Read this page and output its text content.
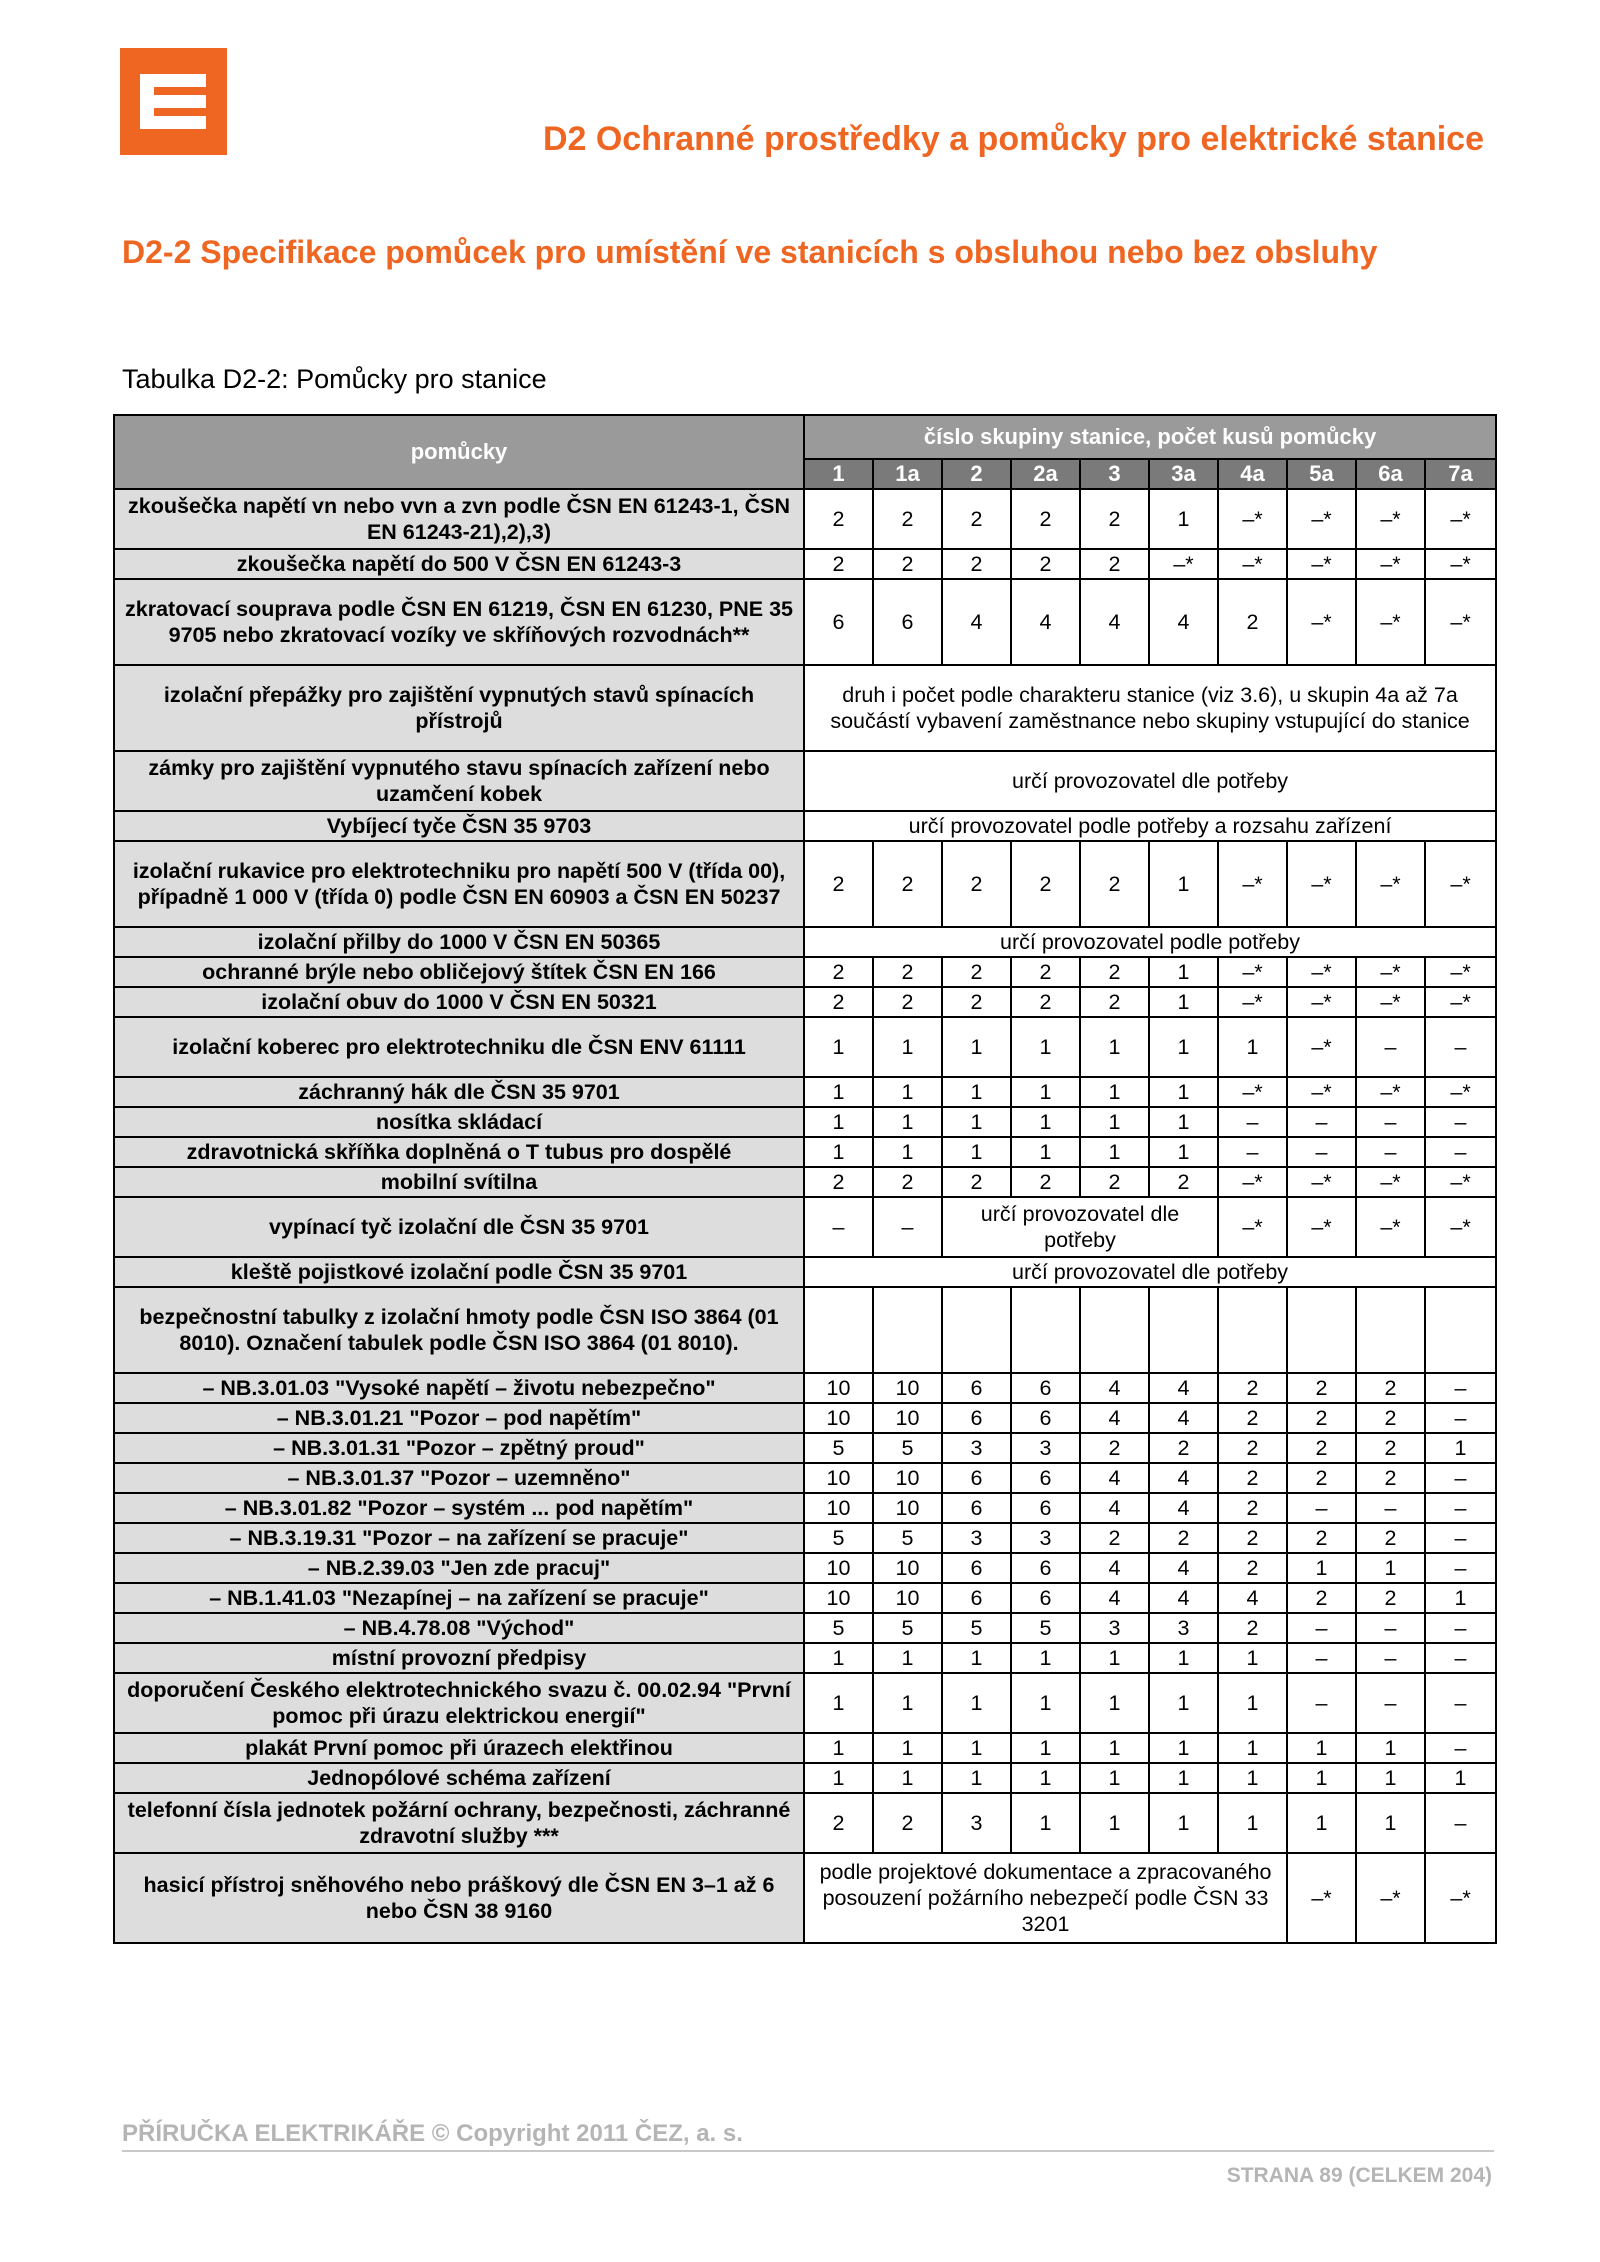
D2 Ochranné prostředky a pomůcky pro elektrické stanice
D2-2 Specifikace pomůcek pro umístění ve stanicích s obsluhou nebo bez obsluhy
Tabulka D2-2: Pomůcky pro stanice
pomůcky	číslo skupiny stanice, počet kusů pomůcky									
	1	1a	2	2a	3	3a	4a	5a	6a	7a
zkoušečka napětí vn nebo vvn a zvn podle ČSN EN 61243-1, ČSN EN 61243-21),2),3)	2	2	2	2	2	1	–*	–*	–*	–*
zkoušečka napětí do 500 V ČSN EN 61243-3	2	2	2	2	2	–*	–*	–*	–*	–*
zkratovací souprava podle ČSN EN 61219, ČSN EN 61230, PNE 35 9705 nebo zkratovací vozíky ve skříňových rozvodnách**	6	6	4	4	4	4	2	–*	–*	–*
izolační přepážky pro zajištění vypnutých stavů spínacích přístrojů	druh i počet podle charakteru stanice (viz 3.6), u skupin 4a až 7a součástí vybavení zaměstnance nebo skupiny vstupující do stanice									
zámky pro zajištění vypnutého stavu spínacích zařízení nebo uzamčení kobek	určí provozovatel dle potřeby									
Vybíjecí tyče ČSN 35 9703	určí provozovatel podle potřeby a rozsahu zařízení									
izolační rukavice pro elektrotechniku pro napětí 500 V (třída 00), případně 1 000 V (třída 0) podle ČSN EN 60903 a ČSN EN 50237	2	2	2	2	2	1	–*	–*	–*	–*
izolační přilby do 1000 V ČSN EN 50365	určí provozovatel podle potřeby									
ochranné brýle nebo obličejový štítek ČSN EN 166	2	2	2	2	2	1	–*	–*	–*	–*
izolační obuv do 1000 V ČSN EN 50321	2	2	2	2	2	1	–*	–*	–*	–*
izolační koberec pro elektrotechniku dle ČSN ENV 61111	1	1	1	1	1	1	1	–*	–	–
záchranný hák dle ČSN 35 9701	1	1	1	1	1	1	–*	–*	–*	–*
nosítka skládací	1	1	1	1	1	1	–	–	–	–
zdravotnická skříňka doplněná o T tubus pro dospělé	1	1	1	1	1	1	–	–	–	–
mobilní svítilna	2	2	2	2	2	2	–*	–*	–*	–*
vypínací tyč izolační dle ČSN 35 9701	–	–	určí provozovatel dle potřeby				–*	–*	–*	–*
kleště pojistkové izolační podle ČSN 35 9701	určí provozovatel dle potřeby									
bezpečnostní tabulky z izolační hmoty podle ČSN ISO 3864 (01 8010). Označení tabulek podle ČSN ISO 3864 (01 8010).										
– NB.3.01.03 "Vysoké napětí – životu nebezpečno"	10	10	6	6	4	4	2	2	2	–
– NB.3.01.21 "Pozor – pod napětím"	10	10	6	6	4	4	2	2	2	–
– NB.3.01.31 "Pozor – zpětný proud"	5	5	3	3	2	2	2	2	2	1
– NB.3.01.37 "Pozor – uzemněno"	10	10	6	6	4	4	2	2	2	–
– NB.3.01.82 "Pozor – systém ... pod napětím"	10	10	6	6	4	4	2	–	–	–
– NB.3.19.31 "Pozor – na zařízení se pracuje"	5	5	3	3	2	2	2	2	2	–
– NB.2.39.03 "Jen zde pracuj"	10	10	6	6	4	4	2	1	1	–
– NB.1.41.03 "Nezapínej – na zařízení se pracuje"	10	10	6	6	4	4	4	2	2	1
– NB.4.78.08 "Východ"	5	5	5	5	3	3	2	–	–	–
místní provozní předpisy	1	1	1	1	1	1	1	–	–	–
doporučení Českého elektrotechnického svazu č. 00.02.94 "První pomoc při úrazu elektrickou energií"	1	1	1	1	1	1	1	–	–	–
plakát První pomoc při úrazech elektřinou	1	1	1	1	1	1	1	1	1	–
Jednopólové schéma zařízení	1	1	1	1	1	1	1	1	1	1
telefonní čísla jednotek požární ochrany, bezpečnosti, záchranné zdravotní služby ***	2	2	3	1	1	1	1	1	1	–
hasicí přístroj sněhového nebo práškový dle ČSN EN 3–1 až 6 nebo ČSN 38 9160	podle projektové dokumentace a zpracovaného posouzení požárního nebezpečí podle ČSN 33 3201							–*	–*	–*
PŘÍRUČKA ELEKTRIKÁŘE © Copyright 2011 ČEZ, a. s.
STRANA 89 (CELKEM 204)
